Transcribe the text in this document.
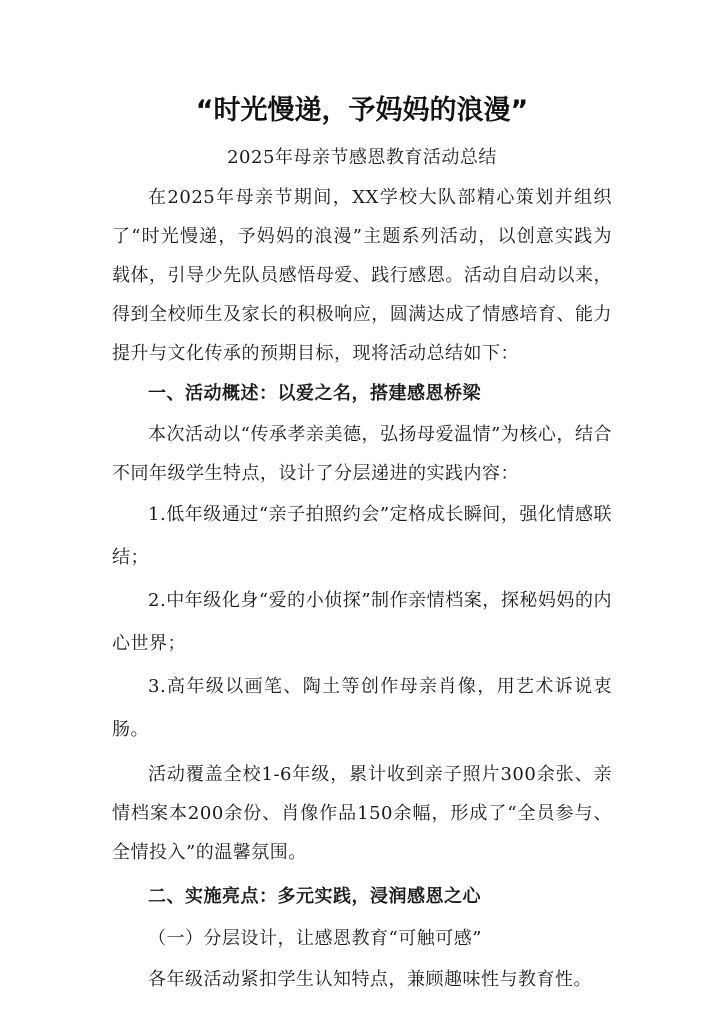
“时光慢递，予妈妈的浪漫”
2025年母亲节感恩教育活动总结

在2025年母亲节期间，XX学校大队部精心策划并组织了“时光慢递，予妈妈的浪漫”主题系列活动，以创意实践为载体，引导少先队员感悟母爱、践行感恩。活动自启动以来，得到全校师生及家长的积极响应，圆满达成了情感培育、能力提升与文化传承的预期目标，现将活动总结如下：

一、活动概述：以爱之名，搭建感恩桥梁

本次活动以“传承孝亲美德，弘扬母爱温情”为核心，结合不同年级学生特点，设计了分层递进的实践内容：

1.低年级通过“亲子拍照约会”定格成长瞬间，强化情感联结；

2.中年级化身“爱的小侦探”制作亲情档案，探秘妈妈的内心世界；

3.高年级以画笔、陶土等创作母亲肖像，用艺术诉说衷肠。

活动覆盖全校1-6年级，累计收到亲子照片300余张、亲情档案本200余份、肖像作品150余幅，形成了“全员参与、全情投入”的温馨氛围。

二、实施亮点：多元实践，浸润感恩之心
（一）分层设计，让感恩教育“可触可感”

各年级活动紧扣学生认知特点，兼顾趣味性与教育性。
